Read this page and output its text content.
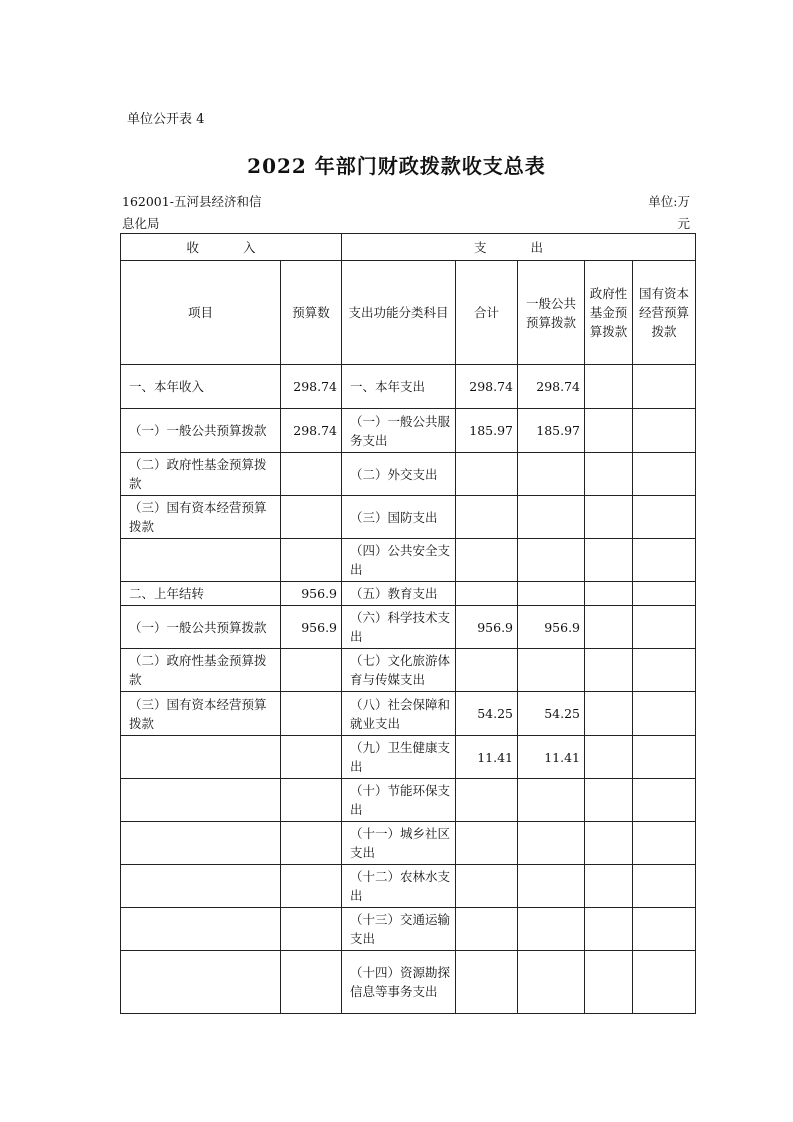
单位公开表 4
2022 年部门财政拨款收支总表
162001-五河县经济和信息化局
单位:万元
收 入		支 出				
项目	预算数	支出功能分类科目	合计	一般公共预算拨款	政府性基金预算拨款	国有资本经营预算拨款
一、本年收入	298.74	一、本年支出	298.74	298.74		
（一）一般公共预算拨款	298.74	（一）一般公共服务支出	185.97	185.97		
（二）政府性基金预算拨款		（二）外交支出				
（三）国有资本经营预算拨款		（三）国防支出				
		（四）公共安全支出				
二、上年结转	956.9	（五）教育支出				
（一）一般公共预算拨款	956.9	（六）科学技术支出	956.9	956.9		
（二）政府性基金预算拨款		（七）文化旅游体育与传媒支出				
（三）国有资本经营预算拨款		（八）社会保障和就业支出	54.25	54.25		
		（九）卫生健康支出	11.41	11.41		
		（十）节能环保支出				
		（十一）城乡社区支出				
		（十二）农林水支出				
		（十三）交通运输支出				
		（十四）资源勘探信息等事务支出				
